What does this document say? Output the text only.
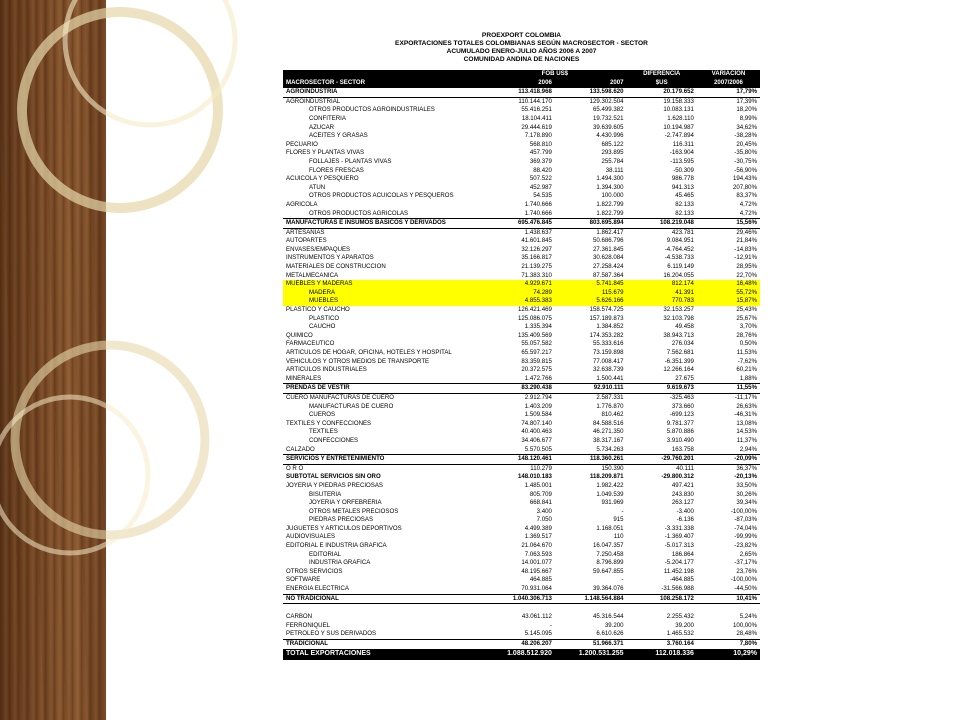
PROEXPORT COLOMBIA
EXPORTACIONES TOTALES COLOMBIANAS SEGÚN MACROSECTOR - SECTOR
ACUMULADO ENERO-JULIO AÑOS 2006 A 2007
COMUNIDAD ANDINA DE NACIONES
	FOB US$		DIFERENCIA	VARIACION
MACROSECTOR - SECTOR	2006	2007	$US	2007/2006
AGROINDUSTRIA	113.418.968	133.598.620	20.179.652	17,79%
AGROINDUSTRIAL	110.144.170	129.302.504	19.158.333	17,39%
OTROS PRODUCTOS AGROINDUSTRIALES	55.416.251	65.499.382	10.083.131	18,20%
CONFITERIA	18.104.411	19.732.521	1.628.110	8,99%
AZUCAR	29.444.619	39.639.605	10.194.987	34,62%
ACEITES Y GRASAS	7.178.890	4.430.996	-2.747.894	-38,28%
PECUARIO	568.810	685.122	116.311	20,45%
FLORES Y PLANTAS VIVAS	457.799	293.895	-163.904	-35,80%
FOLLAJES - PLANTAS VIVAS	369.379	255.784	-113.595	-30,75%
FLORES FRESCAS	88.420	38.111	-50.309	-56,90%
ACUICOLA Y PESQUERO	507.522	1.494.300	986.778	194,43%
ATUN	452.987	1.394.300	941.313	207,80%
OTROS PRODUCTOS ACUICOLAS Y PESQUEROS	54.535	100.000	45.465	83,37%
AGRICOLA	1.740.666	1.822.799	82.133	4,72%
OTROS PRODUCTOS AGRICOLAS	1.740.666	1.822.799	82.133	4,72%
MANUFACTURAS E INSUMOS BASICOS Y DERIVADOS	695.476.845	803.695.894	108.219.048	15,56%
ARTESANIAS	1.438.637	1.862.417	423.781	29,46%
AUTOPARTES	41.601.845	50.686.796	9.084.951	21,84%
ENVASES/EMPAQUES	32.126.297	27.361.845	-4.764.452	-14,83%
INSTRUMENTOS Y APARATOS	35.166.817	30.628.084	-4.538.733	-12,91%
MATERIALES DE CONSTRUCCION	21.139.275	27.258.424	6.119.149	28,95%
METALMECANICA	71.383.310	87.587.364	16.204.055	22,70%
MUEBLES Y MADERAS	4.929.671	5.741.845	812.174	16,48%
MADERA	74.289	115.679	41.391	55,72%
MUEBLES	4.855.383	5.626.166	770.783	15,87%
PLASTICO Y CAUCHO	126.421.469	158.574.725	32.153.257	25,43%
PLASTICO	125.086.075	157.189.873	32.103.798	25,67%
CAUCHO	1.335.394	1.384.852	49.458	3,70%
QUIMICO	135.409.569	174.353.282	38.943.713	28,76%
FARMACEUTICO	55.057.582	55.333.616	276.034	0,50%
ARTICULOS DE HOGAR, OFICINA, HOTELES Y HOSPITAL	65.597.217	73.159.898	7.562.681	11,53%
VEHICULOS Y OTROS MEDIOS DE TRANSPORTE	83.359.815	77.008.417	-6.351.399	-7,62%
ARTICULOS INDUSTRIALES	20.372.575	32.638.739	12.266.164	60,21%
MINERALES	1.472.766	1.500.441	27.675	1,88%
PRENDAS DE VESTIR	83.290.438	92.910.111	9.619.673	11,55%
CUERO MANUFACTURAS DE CUERO	2.912.794	2.587.331	-325.463	-11,17%
MANUFACTURAS DE CUERO	1.403.209	1.776.870	373.660	26,63%
CUEROS	1.509.584	810.462	-699.123	-46,31%
TEXTILES Y CONFECCIONES	74.807.140	84.588.516	9.781.377	13,08%
TEXTILES	40.400.463	46.271.350	5.870.886	14,53%
CONFECCIONES	34.406.677	38.317.167	3.910.490	11,37%
CALZADO	5.570.505	5.734.263	163.758	2,94%
SERVICIOS Y ENTRETENIMIENTO	148.120.461	118.360.261	-29.760.201	-20,09%
O R O	110.279	150.390	40.111	36,37%
SUBTOTAL SERVICIOS SIN ORO	148.010.183	118.209.871	-29.800.312	-20,13%
JOYERIA Y PIEDRAS PRECIOSAS	1.485.001	1.982.422	497.421	33,50%
BISUTERIA	805.709	1.049.539	243.830	30,26%
JOYERIA Y ORFEBRERIA	668.841	931.969	263.127	39,34%
OTROS METALES PRECIOSOS	3.400	-	-3.400	-100,00%
PIEDRAS PRECIOSAS	7.050	915	-6.136	-87,03%
JUGUETES Y ARTICULOS DEPORTIVOS	4.499.389	1.168.051	-3.331.338	-74,04%
AUDIOVISUALES	1.369.517	110	-1.369.407	-99,99%
EDITORIAL E INDUSTRIA GRAFICA	21.064.670	16.047.357	-5.017.313	-23,82%
EDITORIAL	7.063.593	7.250.458	186.864	2,65%
INDUSTRIA GRAFICA	14.001.077	8.796.899	-5.204.177	-37,17%
OTROS SERVICIOS	48.195.667	59.647.855	11.452.198	23,76%
SOFTWARE	464.885	-	-464.885	-100,00%
ENERGIA ELECTRICA	70.931.064	39.364.076	-31.566.988	-44,50%
NO TRADICIONAL	1.040.306.713	1.148.564.884	108.258.172	10,41%

CARBON	43.061.112	45.316.544	2.255.432	5,24%
FERRONIQUEL	-	39.200	39.200	100,00%
PETROLEO Y SUS DERIVADOS	5.145.095	6.610.626	1.465.532	28,48%
TRADICIONAL	48.206.207	51.966.371	3.760.164	7,80%
TOTAL EXPORTACIONES	1.088.512.920	1.200.531.255	112.018.336	10,29%
